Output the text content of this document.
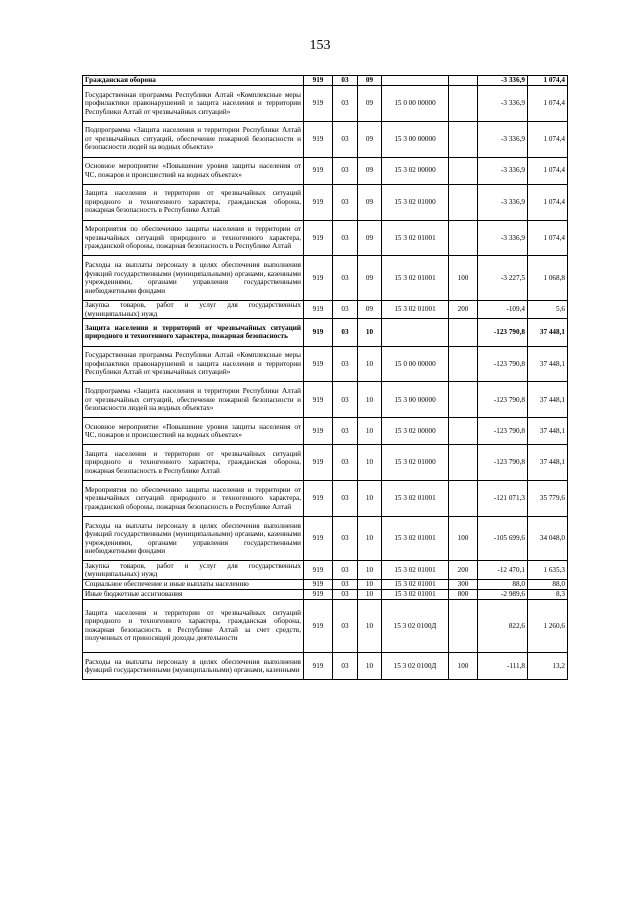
153
Гражданская оборона	919	03	09			-3 336,9	1 074,4
Государственная программа Республики Алтай «Комплексные меры профилактики правонарушений и защита населения и территории Республики Алтай от чрезвычайных ситуаций»	919	03	09	15 0 00 00000		-3 336,9	1 074,4
Подпрограмма «Защита населения и территории Республики Алтай от чрезвычайных ситуаций, обеспечение пожарной безопасности и безопасности людей на водных объектах»	919	03	09	15 3 00 00000		-3 336,9	1 074,4
Основное мероприятие «Повышение уровня защиты населения от ЧС, пожаров и происшествий на водных объектах»	919	03	09	15 3 02 00000		-3 336,9	1 074,4
Защита населения и территории от чрезвычайных ситуаций природного и техногенного характера, гражданская оборона, пожарная безопасность в Республике Алтай	919	03	09	15 3 02 01000		-3 336,9	1 074,4
Мероприятия по обеспечению защиты населения и территории от чрезвычайных ситуаций природного и техногенного характера, гражданской обороны, пожарная безопасность в Республике Алтай	919	03	09	15 3 02 01001		-3 336,9	1 074,4
Расходы на выплаты персоналу в целях обеспечения выполнения функций государственными (муниципальными) органами, казенными учреждениями, органами управления государственными внебюджетными фондами	919	03	09	15 3 02 01001	100	-3 227,5	1 068,8
Закупка товаров, работ и услуг для государственных (муниципальных) нужд	919	03	09	15 3 02 01001	200	-109,4	5,6
Защита населения и территорий от чрезвычайных ситуаций природного и техногенного характера, пожарная безопасность	919	03	10			-123 790,8	37 448,1
Государственная программа Республики Алтай «Комплексные меры профилактики правонарушений и защита населения и территории Республики Алтай от чрезвычайных ситуаций»	919	03	10	15 0 00 00000		-123 790,8	37 448,1
Подпрограмма «Защита населения и территории Республики Алтай от чрезвычайных ситуаций, обеспечение пожарной безопасности и безопасности людей на водных объектах»	919	03	10	15 3 00 00000		-123 790,8	37 448,1
Основное мероприятие «Повышение уровня защиты населения от ЧС, пожаров и происшествий на водных объектах»	919	03	10	15 3 02 00000		-123 790,8	37 448,1
Защита населения и территории от чрезвычайных ситуаций природного и техногенного характера, гражданская оборона, пожарная безопасность в Республике Алтай	919	03	10	15 3 02 01000		-123 790,8	37 448,1
Мероприятия по обеспечению защиты населения и территории от чрезвычайных ситуаций природного и техногенного характера, гражданской обороны, пожарная безопасность в Республике Алтай	919	03	10	15 3 02 01001		-121 071,3	35 779,6
Расходы на выплаты персоналу в целях обеспечения выполнения функций государственными (муниципальными) органами, казенными учреждениями, органами управления государственными внебюджетными фондами	919	03	10	15 3 02 01001	100	-105 699,6	34 048,0
Закупка товаров, работ и услуг для государственных (муниципальных) нужд	919	03	10	15 3 02 01001	200	-12 470,1	1 635,3
Социальное обеспечение и иные выплаты населению	919	03	10	15 3 02 01001	300	88,0	88,0
Иные бюджетные ассигнования	919	03	10	15 3 02 01001	800	-2 989,6	8,3
Защита населения и территории от чрезвычайных ситуаций природного и техногенного характера, гражданская оборона, пожарная безопасность в Республике Алтай за счет средств, полученных от приносящей доходы деятельности	919	03	10	15 3 02 0100Д		822,6	1 260,6
Расходы на выплаты персоналу в целях обеспечения выполнения функций государственными (муниципальными) органами, казенными	919	03	10	15 3 02 0100Д	100	-111,8	13,2
